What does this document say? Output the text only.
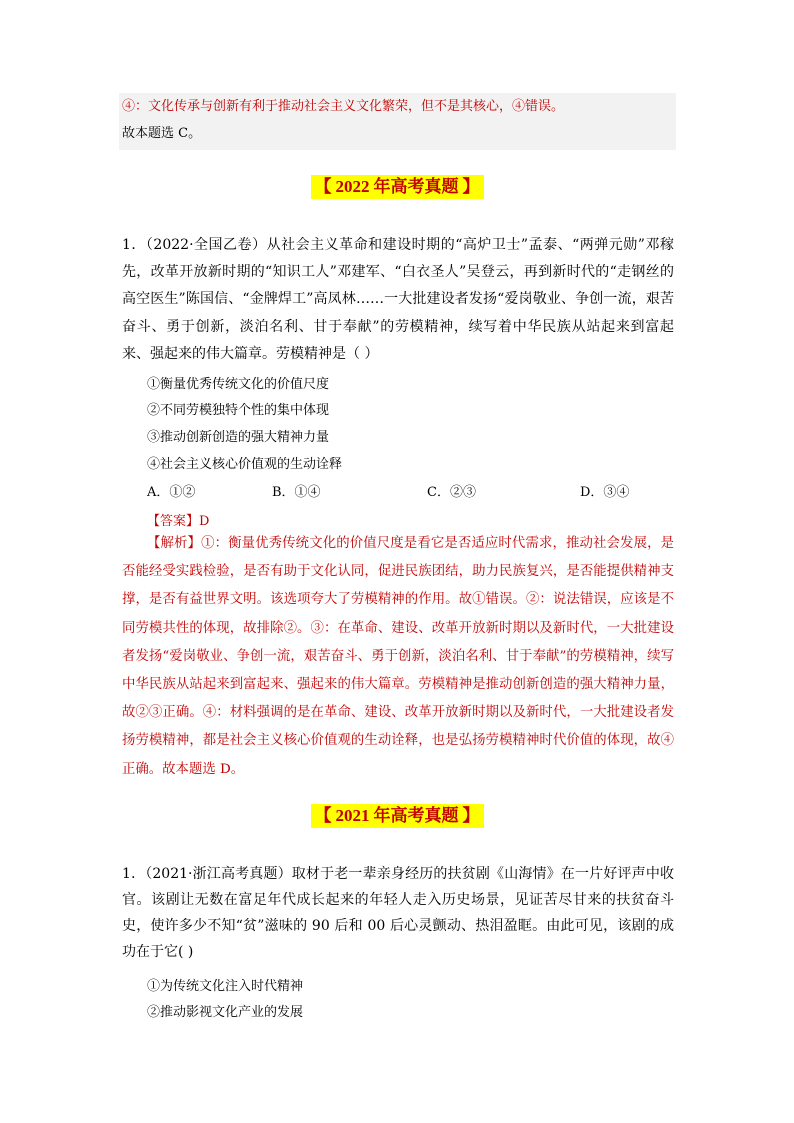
④：文化传承与创新有利于推动社会主义文化繁荣，但不是其核心，④错误。
故本题选 C。
【 2022 年高考真题 】
1．（2022·全国乙卷）从社会主义革命和建设时期的“高炉卫士”孟泰、“两弹元勋”邓稼先，改革开放新时期的“知识工人”邓建军、“白衣圣人”吴登云，再到新时代的“走钢丝的高空医生”陈国信、“金牌焊工”高凤林……一大批建设者发扬“爱岗敬业、争创一流，艰苦奋斗、勇于创新，淡泊名利、甘于奉献”的劳模精神，续写着中华民族从站起来到富起来、强起来的伟大篇章。劳模精神是（ ）
①衡量优秀传统文化的价值尺度
②不同劳模独特个性的集中体现
③推动创新创造的强大精神力量
④社会主义核心价值观的生动诠释
A．①②	B．①④	C．②③	D．③④
【答案】D
【解析】①：衡量优秀传统文化的价值尺度是看它是否适应时代需求，推动社会发展，是否能经受实践检验，是否有助于文化认同，促进民族团结，助力民族复兴，是否能提供精神支撑，是否有益世界文明。该选项夸大了劳模精神的作用。故①错误。②：说法错误，应该是不同劳模共性的体现，故排除②。③：在革命、建设、改革开放新时期以及新时代，一大批建设者发扬“爱岗敬业、争创一流，艰苦奋斗、勇于创新，淡泊名利、甘于奉献”的劳模精神，续写中华民族从站起来到富起来、强起来的伟大篇章。劳模精神是推动创新创造的强大精神力量，故②③正确。④：材料强调的是在革命、建设、改革开放新时期以及新时代，一大批建设者发扬劳模精神，都是社会主义核心价值观的生动诠释，也是弘扬劳模精神时代价值的体现，故④正确。故本题选 D。
【 2021 年高考真题 】
1．（2021·浙江高考真题）取材于老一辈亲身经历的扶贫剧《山海情》在一片好评声中收官。该剧让无数在富足年代成长起来的年轻人走入历史场景，见证苦尽甘来的扶贫奋斗史，使许多少不知“贫”滋味的 90 后和 00 后心灵颤动、热泪盈眶。由此可见，该剧的成功在于它( )
①为传统文化注入时代精神
②推动影视文化产业的发展
